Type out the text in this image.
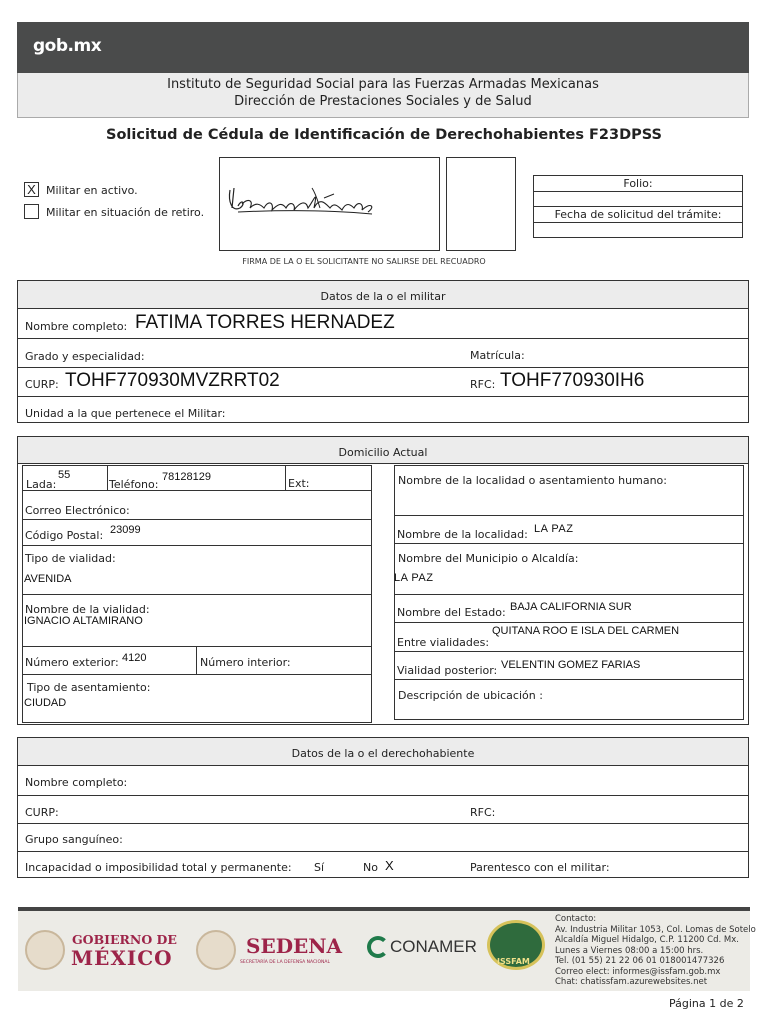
gob.mx
Instituto de Seguridad Social para las Fuerzas Armadas Mexicanas
Dirección de Prestaciones Sociales y de Salud
Solicitud de Cédula de Identificación de Derechohabientes F23DPSS
X Militar en activo.
Militar en situación de retiro.
FIRMA DE LA O EL SOLICITANTE NO SALIRSE DEL RECUADRO
Folio:
Fecha de solicitud del trámite:
Datos de la o el militar
Nombre completo: FATIMA TORRES HERNADEZ
Grado y especialidad:	Matrícula:
CURP: TOHF770930MVZRRT02	RFC: TOHF770930IH6
Unidad a la que pertenece el Militar:
Domicilio Actual
Lada:
55
Teléfono:
78128129	Ext:
Correo Electrónico:
Código Postal: 23099
Tipo de vialidad:
AVENIDA
Nombre de la vialidad:
IGNACIO ALTAMIRANO
Número exterior: 4120	Número interior:
Tipo de asentamiento:
CIUDAD
Nombre de la localidad o asentamiento humano:
Nombre de la localidad: LA PAZ
Nombre del Municipio o Alcaldía:
LA PAZ
Nombre del Estado: BAJA CALIFORNIA SUR
Entre vialidades:
QUITANA ROO E ISLA DEL CARMEN
Vialidad posterior: VELENTIN GOMEZ FARIAS
Descripción de ubicación :
Datos de la o el derechohabiente
Nombre completo:
CURP:	RFC:
Grupo sanguíneo:
Incapacidad o imposibilidad total y permanente: Sí	No X	Parentesco con el militar:
GOBIERNO DE
MÉXICO	SEDENA
SECRETARÍA DE LA DEFENSA NACIONAL
CONAMER
ISSFAM
Contacto:
Av. Industria Militar 1053, Col. Lomas de Sotelo
Alcaldía Miguel Hidalgo, C.P. 11200 Cd. Mx.
Lunes a Viernes 08:00 a 15:00 hrs.
Tel. (01 55) 21 22 06 01 018001477326
Correo elect: informes@issfam.gob.mx
Chat: chatissfam.azurewebsites.net
Página 1 de 2
